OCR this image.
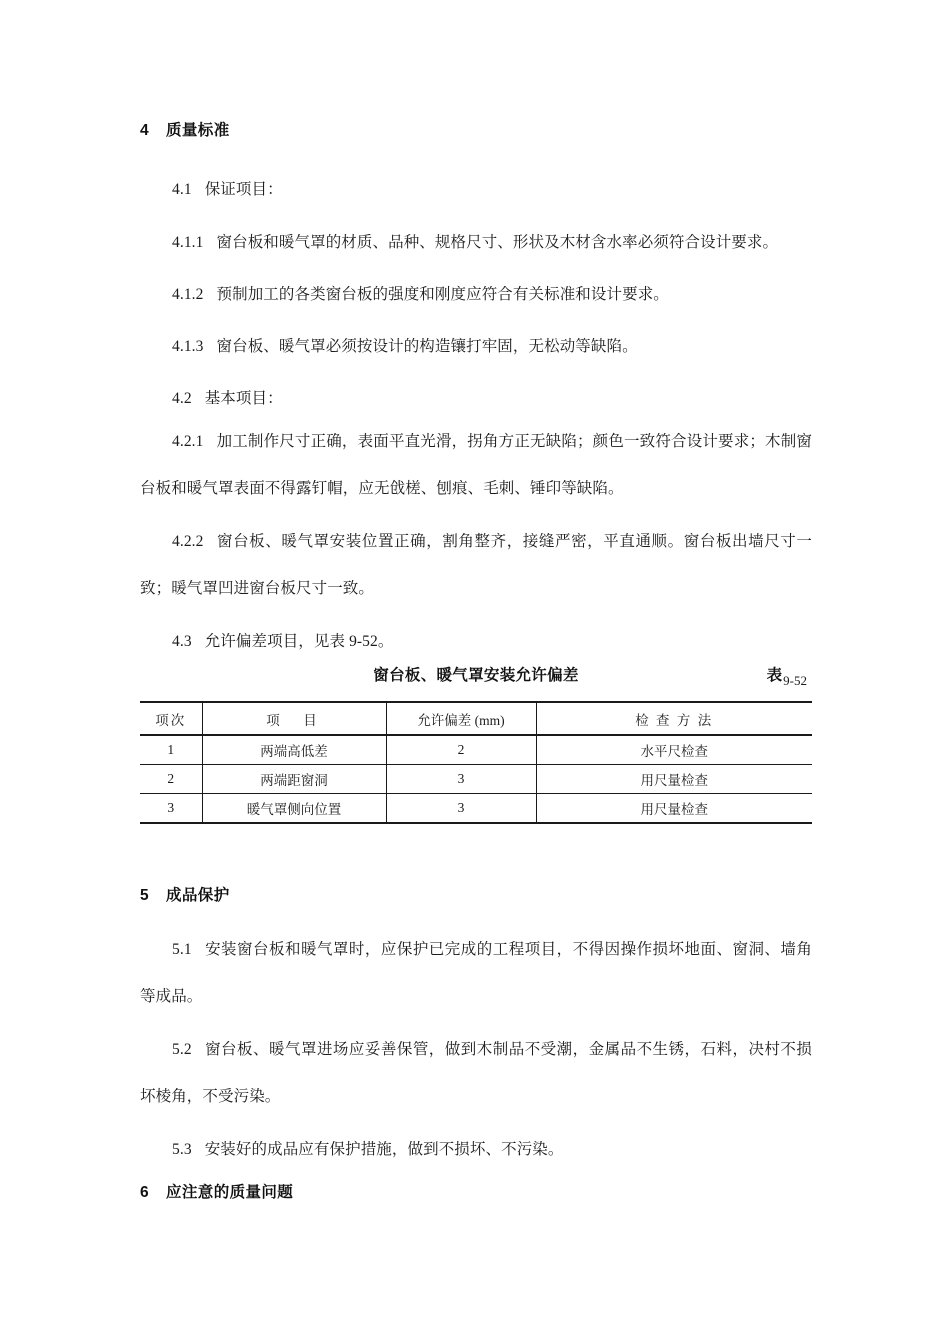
4 质量标准
4.1 保证项目：
4.1.1 窗台板和暖气罩的材质、品种、规格尺寸、形状及木材含水率必须符合设计要求。
4.1.2 预制加工的各类窗台板的强度和刚度应符合有关标准和设计要求。
4.1.3 窗台板、暖气罩必须按设计的构造镶打牢固，无松动等缺陷。
4.2 基本项目：
4.2.1 加工制作尺寸正确，表面平直光滑，拐角方正无缺陷；颜色一致符合设计要求；木制窗台板和暖气罩表面不得露钉帽，应无戗槎、刨痕、毛刺、锤印等缺陷。
4.2.2 窗台板、暖气罩安装位置正确，割角整齐，接缝严密，平直通顺。窗台板出墙尺寸一致；暖气罩凹进窗台板尺寸一致。
4.3 允许偏差项目，见表 9-52。
窗台板、暖气罩安装允许偏差	表$_{9-52}$
项次	项　目	允许偏差 (mm)	检 查 方 法
1	两端高低差	2	水平尺检查
2	两端距窗洞	3	用尺量检查
3	暖气罩侧向位置	3	用尺量检查
5 成品保护
5.1 安装窗台板和暖气罩时，应保护已完成的工程项目，不得因操作损坏地面、窗洞、墙角等成品。
5.2 窗台板、暖气罩进场应妥善保管，做到木制品不受潮，金属品不生锈，石料，决村不损坏棱角，不受污染。
5.3 安装好的成品应有保护措施，做到不损坏、不污染。
6 应注意的质量问题
